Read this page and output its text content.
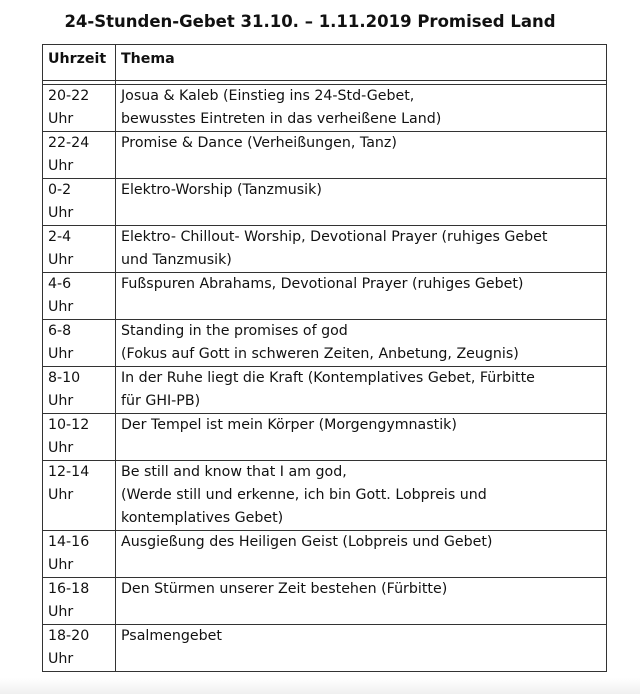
24-Stunden-Gebet 31.10. – 1.11.2019 Promised Land
Uhrzeit	Thema

20-22
Uhr	Josua & Kaleb (Einstieg ins 24-Std-Gebet,
bewusstes Eintreten in das verheißene Land)

22-24
Uhr	Promise & Dance (Verheißungen, Tanz)

0-2
Uhr	Elektro-Worship (Tanzmusik)

2-4
Uhr	Elektro- Chillout- Worship, Devotional Prayer (ruhiges Gebet
und Tanzmusik)

4-6
Uhr	Fußspuren Abrahams, Devotional Prayer (ruhiges Gebet)

6-8
Uhr	Standing in the promises of god
(Fokus auf Gott in schweren Zeiten, Anbetung, Zeugnis)

8-10
Uhr	In der Ruhe liegt die Kraft (Kontemplatives Gebet, Fürbitte
für GHI-PB)

10-12
Uhr	Der Tempel ist mein Körper (Morgengymnastik)

12-14
Uhr	Be still and know that I am god,
(Werde still und erkenne, ich bin Gott. Lobpreis und
kontemplatives Gebet)

14-16
Uhr	Ausgießung des Heiligen Geist (Lobpreis und Gebet)

16-18
Uhr	Den Stürmen unserer Zeit bestehen (Fürbitte)

18-20
Uhr	Psalmengebet
